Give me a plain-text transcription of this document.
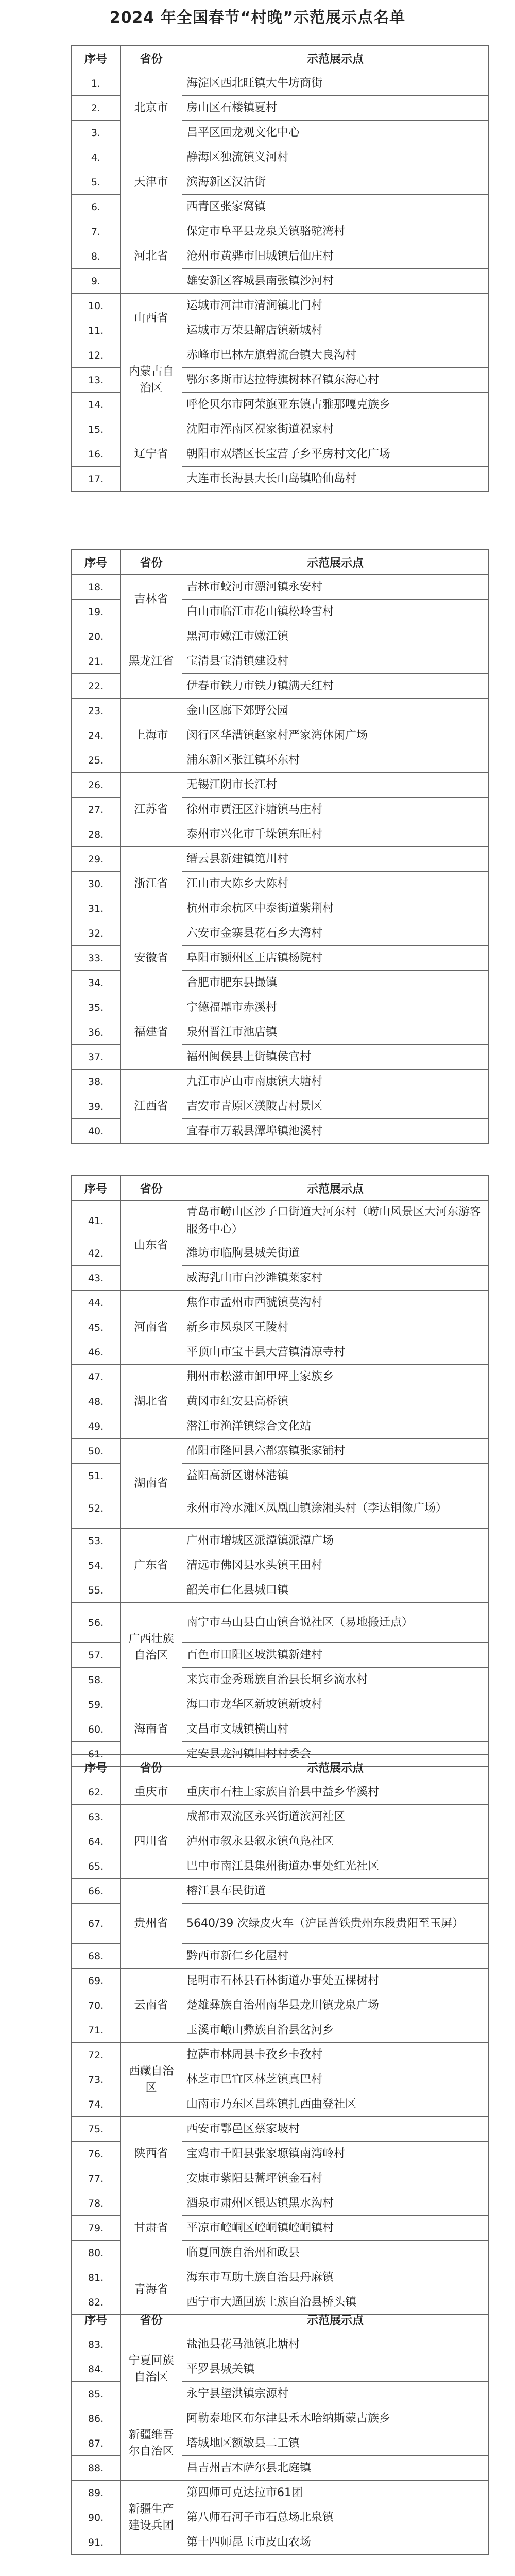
2024 年全国春节“村晚”示范展示点名单
序号	省份	示范展示点
1.	北京市	海淀区西北旺镇大牛坊商街
2.		房山区石楼镇夏村
3.		昌平区回龙观文化中心
4.	天津市	静海区独流镇义河村
5.		滨海新区汉沽街
6.		西青区张家窝镇
7.	河北省	保定市阜平县龙泉关镇骆驼湾村
8.		沧州市黄骅市旧城镇后仙庄村
9.		雄安新区容城县南张镇沙河村
10.	山西省	运城市河津市清涧镇北门村
11.		运城市万荣县解店镇新城村
12.	内蒙古自治区	赤峰市巴林左旗碧流台镇大良沟村
13.		鄂尔多斯市达拉特旗树林召镇东海心村
14.		呼伦贝尔市阿荣旗亚东镇古雅那嘎克族乡
15.	辽宁省	沈阳市浑南区祝家街道祝家村
16.		朝阳市双塔区长宝营子乡平房村文化广场
17.		大连市长海县大长山岛镇哈仙岛村
序号	省份	示范展示点
18.	吉林省	吉林市蛟河市漂河镇永安村
19.		白山市临江市花山镇松岭雪村
20.	黑龙江省	黑河市嫩江市嫩江镇
21.		宝清县宝清镇建设村
22.		伊春市铁力市铁力镇满天红村
23.	上海市	金山区廊下郊野公园
24.		闵行区华漕镇赵家村严家湾休闲广场
25.		浦东新区张江镇环东村
26.	江苏省	无锡江阴市长江村
27.		徐州市贾汪区汴塘镇马庄村
28.		泰州市兴化市千垛镇东旺村
29.	浙江省	缙云县新建镇笕川村
30.		江山市大陈乡大陈村
31.		杭州市余杭区中泰街道紫荆村
32.	安徽省	六安市金寨县花石乡大湾村
33.		阜阳市颍州区王店镇杨院村
34.		合肥市肥东县撮镇
35.	福建省	宁德福鼎市赤溪村
36.		泉州晋江市池店镇
37.		福州闽侯县上街镇侯官村
38.	江西省	九江市庐山市南康镇大塘村
39.		吉安市青原区渼陂古村景区
40.		宜春市万载县潭埠镇池溪村
序号	省份	示范展示点
41.	山东省	青岛市崂山区沙子口街道大河东村（崂山风景区大河东游客服务中心）
42.		潍坊市临朐县城关街道
43.		威海乳山市白沙滩镇莱家村
44.	河南省	焦作市孟州市西虢镇莫沟村
45.		新乡市凤泉区王陵村
46.		平顶山市宝丰县大营镇清凉寺村
47.	湖北省	荆州市松滋市卸甲坪土家族乡
48.		黄冈市红安县高桥镇
49.		潜江市渔洋镇综合文化站
50.	湖南省	邵阳市隆回县六都寨镇张家铺村
51.		益阳高新区谢林港镇
52.		永州市冷水滩区凤凰山镇涂湘头村（李达铜像广场）
53.	广东省	广州市增城区派潭镇派潭广场
54.		清远市佛冈县水头镇王田村
55.		韶关市仁化县城口镇
56.	广西壮族自治区	南宁市马山县白山镇合说社区（易地搬迁点）
57.		百色市田阳区坡洪镇新建村
58.		来宾市金秀瑶族自治县长垌乡滴水村
59.	海南省	海口市龙华区新坡镇新坡村
60.		文昌市文城镇横山村
61.		定安县龙河镇旧村村委会
序号	省份	示范展示点
62.	重庆市	重庆市石柱土家族自治县中益乡华溪村
63.	四川省	成都市双流区永兴街道滨河社区
64.		泸州市叙永县叙永镇鱼凫社区
65.		巴中市南江县集州街道办事处红光社区
66.	贵州省	榕江县车民街道
67.		5640/39 次绿皮火车（沪昆普铁贵州东段贵阳至玉屏）
68.		黔西市新仁乡化屋村
69.	云南省	昆明市石林县石林街道办事处五棵树村
70.		楚雄彝族自治州南华县龙川镇龙泉广场
71.		玉溪市峨山彝族自治县岔河乡
72.	西藏自治区	拉萨市林周县卡孜乡卡孜村
73.		林芝市巴宜区林芝镇真巴村
74.		山南市乃东区昌珠镇扎西曲登社区
75.	陕西省	西安市鄠邑区蔡家坡村
76.		宝鸡市千阳县张家塬镇南湾岭村
77.		安康市紫阳县蒿坪镇金石村
78.	甘肃省	酒泉市肃州区银达镇黑水沟村
79.		平凉市崆峒区崆峒镇崆峒镇村
80.		临夏回族自治州和政县
81.	青海省	海东市互助土族自治县丹麻镇
82.		西宁市大通回族土族自治县桥头镇
序号	省份	示范展示点
83.	宁夏回族自治区	盐池县花马池镇北塘村
84.		平罗县城关镇
85.		永宁县望洪镇宗源村
86.	新疆维吾尔自治区	阿勒泰地区布尔津县禾木哈纳斯蒙古族乡
87.		塔城地区额敏县二工镇
88.		昌吉州吉木萨尔县北庭镇
89.	新疆生产建设兵团	第四师可克达拉市61团
90.		第八师石河子市石总场北泉镇
91.		第十四师昆玉市皮山农场
